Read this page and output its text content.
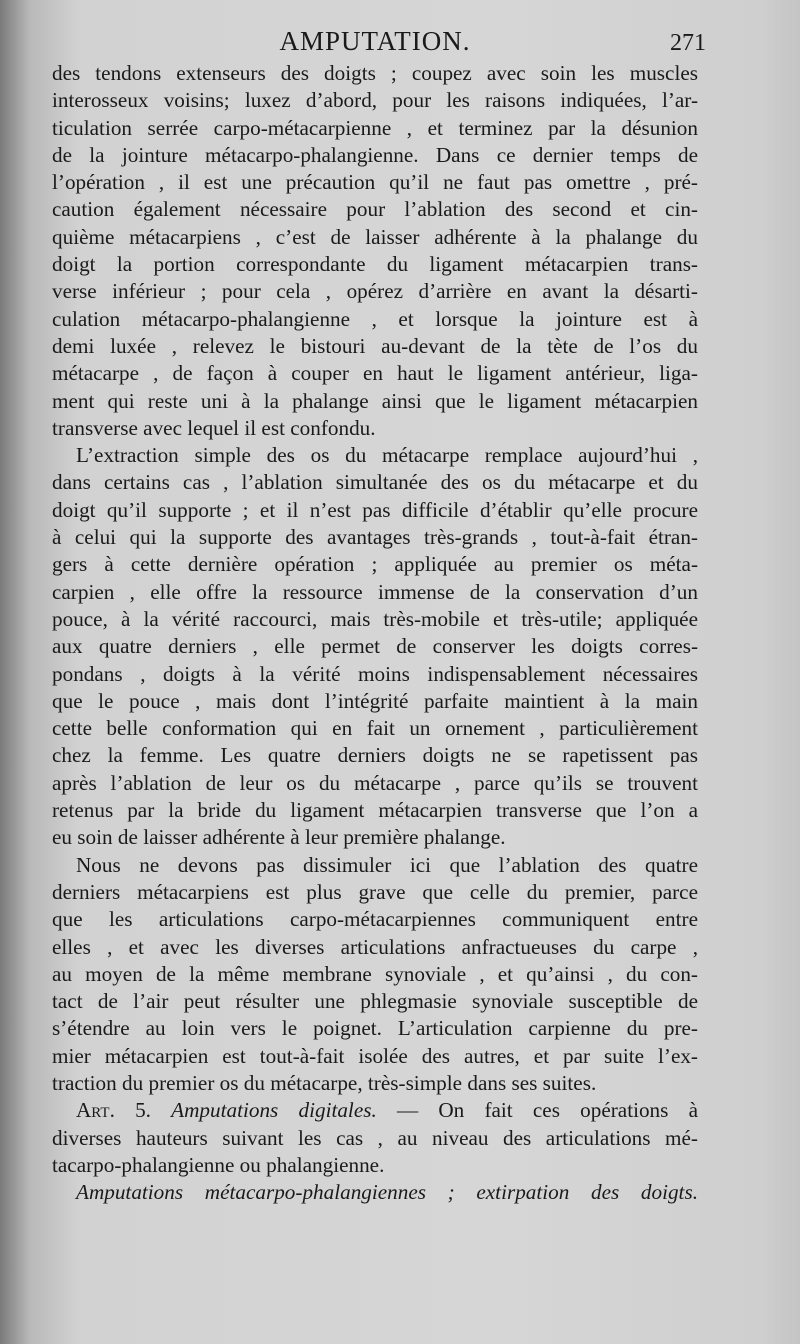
AMPUTATION.	271
des tendons extenseurs des doigts ; coupez avec soin les muscles
interosseux voisins; luxez d’abord, pour les raisons indiquées, l’ar-
ticulation serrée carpo-métacarpienne , et terminez par la désunion
de la jointure métacarpo-phalangienne. Dans ce dernier temps de
l’opération , il est une précaution qu’il ne faut pas omettre , pré-
caution également nécessaire pour l’ablation des second et cin-
quième métacarpiens , c’est de laisser adhérente à la phalange du
doigt la portion correspondante du ligament métacarpien trans-
verse inférieur ; pour cela , opérez d’arrière en avant la désarti-
culation métacarpo-phalangienne , et lorsque la jointure est à
demi luxée , relevez le bistouri au-devant de la tète de l’os du
métacarpe , de façon à couper en haut le ligament antérieur, liga-
ment qui reste uni à la phalange ainsi que le ligament métacarpien
transverse avec lequel il est confondu.
L’extraction simple des os du métacarpe remplace aujourd’hui ,
dans certains cas , l’ablation simultanée des os du métacarpe et du
doigt qu’il supporte ; et il n’est pas difficile d’établir qu’elle procure
à celui qui la supporte des avantages très-grands , tout-à-fait étran-
gers à cette dernière opération ; appliquée au premier os méta-
carpien , elle offre la ressource immense de la conservation d’un
pouce, à la vérité raccourci, mais très-mobile et très-utile; appliquée
aux quatre derniers , elle permet de conserver les doigts corres-
pondans , doigts à la vérité moins indispensablement nécessaires
que le pouce , mais dont l’intégrité parfaite maintient à la main
cette belle conformation qui en fait un ornement , particulièrement
chez la femme. Les quatre derniers doigts ne se rapetissent pas
après l’ablation de leur os du métacarpe , parce qu’ils se trouvent
retenus par la bride du ligament métacarpien transverse que l’on a
eu soin de laisser adhérente à leur première phalange.
Nous ne devons pas dissimuler ici que l’ablation des quatre
derniers métacarpiens est plus grave que celle du premier, parce
que les articulations carpo-métacarpiennes communiquent entre
elles , et avec les diverses articulations anfractueuses du carpe ,
au moyen de la même membrane synoviale , et qu’ainsi , du con-
tact de l’air peut résulter une phlegmasie synoviale susceptible de
s’étendre au loin vers le poignet. L’articulation carpienne du pre-
mier métacarpien est tout-à-fait isolée des autres, et par suite l’ex-
traction du premier os du métacarpe, très-simple dans ses suites.
Art. 5. Amputations digitales. — On fait ces opérations à
diverses hauteurs suivant les cas , au niveau des articulations mé-
tacarpo-phalangienne ou phalangienne.
Amputations métacarpo-phalangiennes ; extirpation des doigts.
